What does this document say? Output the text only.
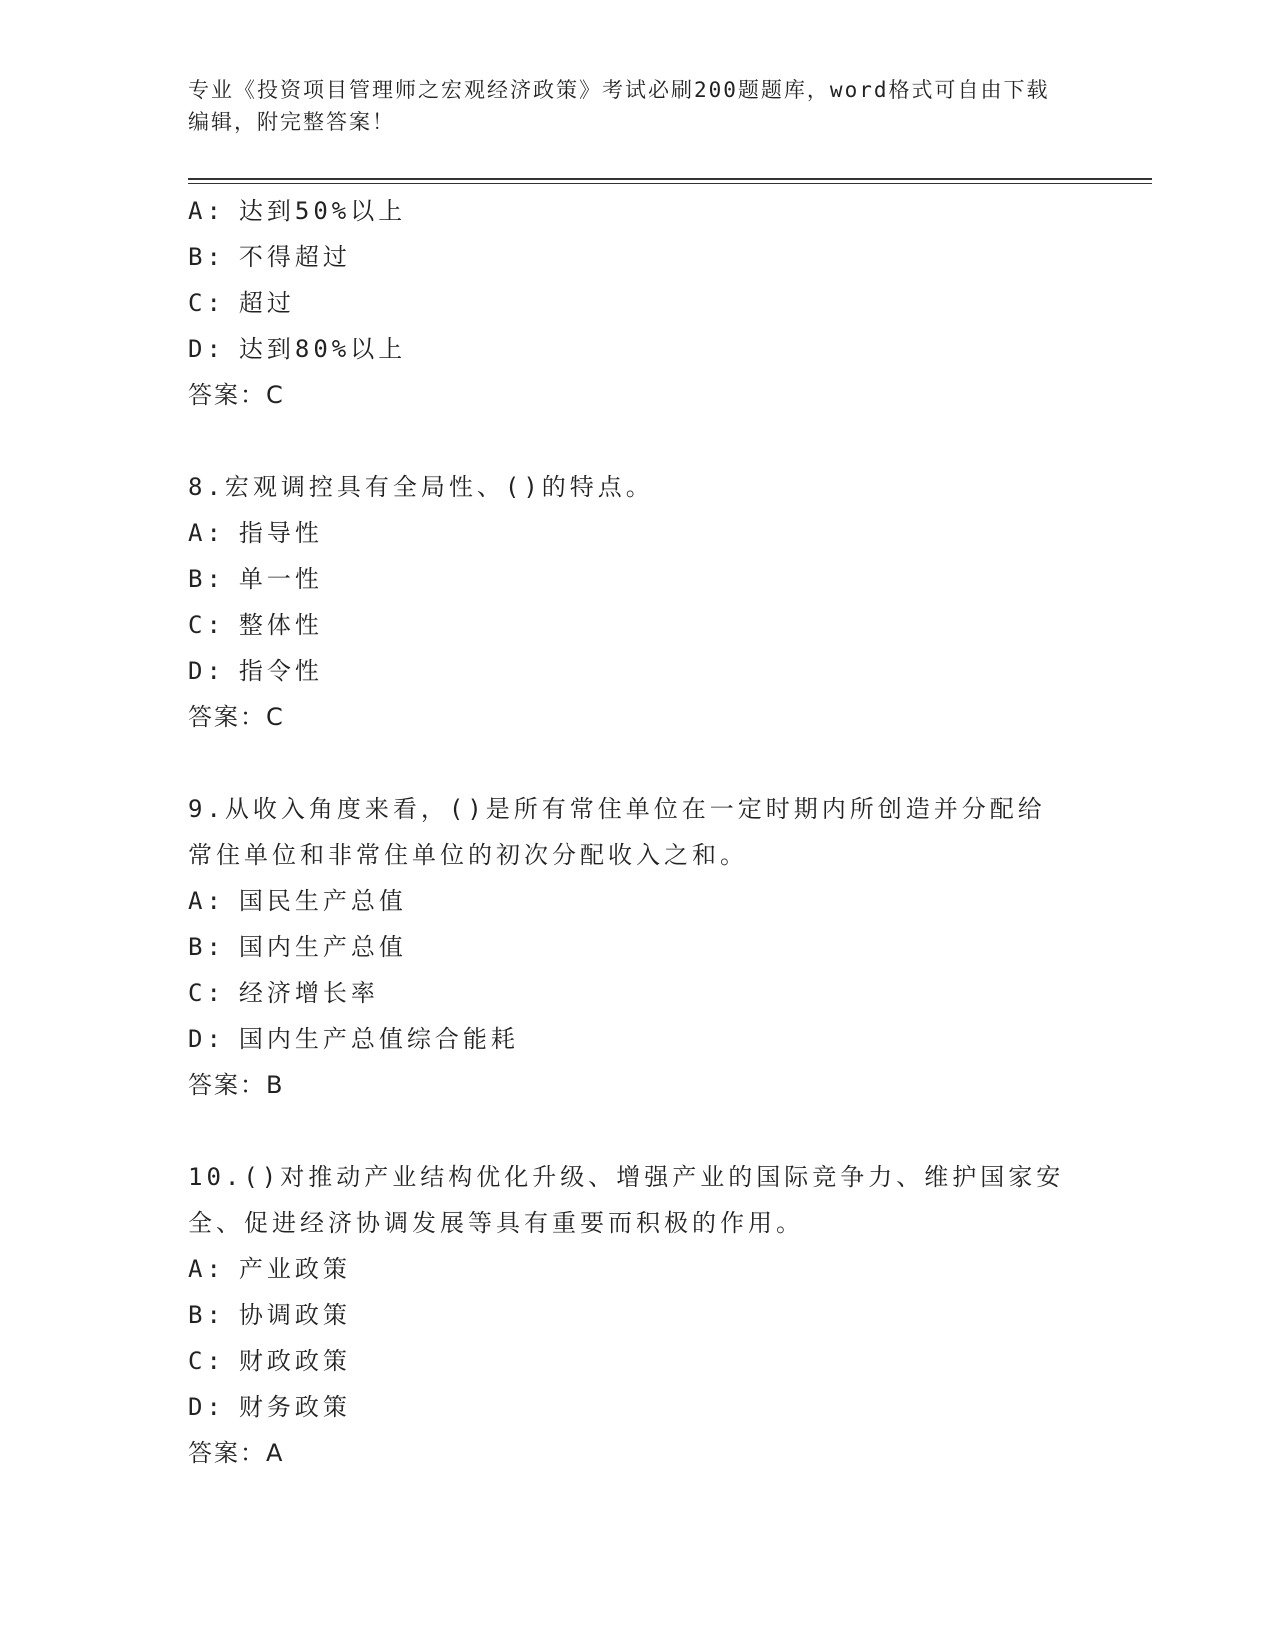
专业《投资项目管理师之宏观经济政策》考试必刷200题题库，word格式可自由下载编辑，附完整答案！
A: 达到50%以上
B: 不得超过
C: 超过
D: 达到80%以上
答案：C
8.宏观调控具有全局性、()的特点。
A: 指导性
B: 单一性
C: 整体性
D: 指令性
答案：C
9.从收入角度来看，()是所有常住单位在一定时期内所创造并分配给常住单位和非常住单位的初次分配收入之和。
A: 国民生产总值
B: 国内生产总值
C: 经济增长率
D: 国内生产总值综合能耗
答案：B
10.()对推动产业结构优化升级、增强产业的国际竞争力、维护国家安全、促进经济协调发展等具有重要而积极的作用。
A: 产业政策
B: 协调政策
C: 财政政策
D: 财务政策
答案：A
